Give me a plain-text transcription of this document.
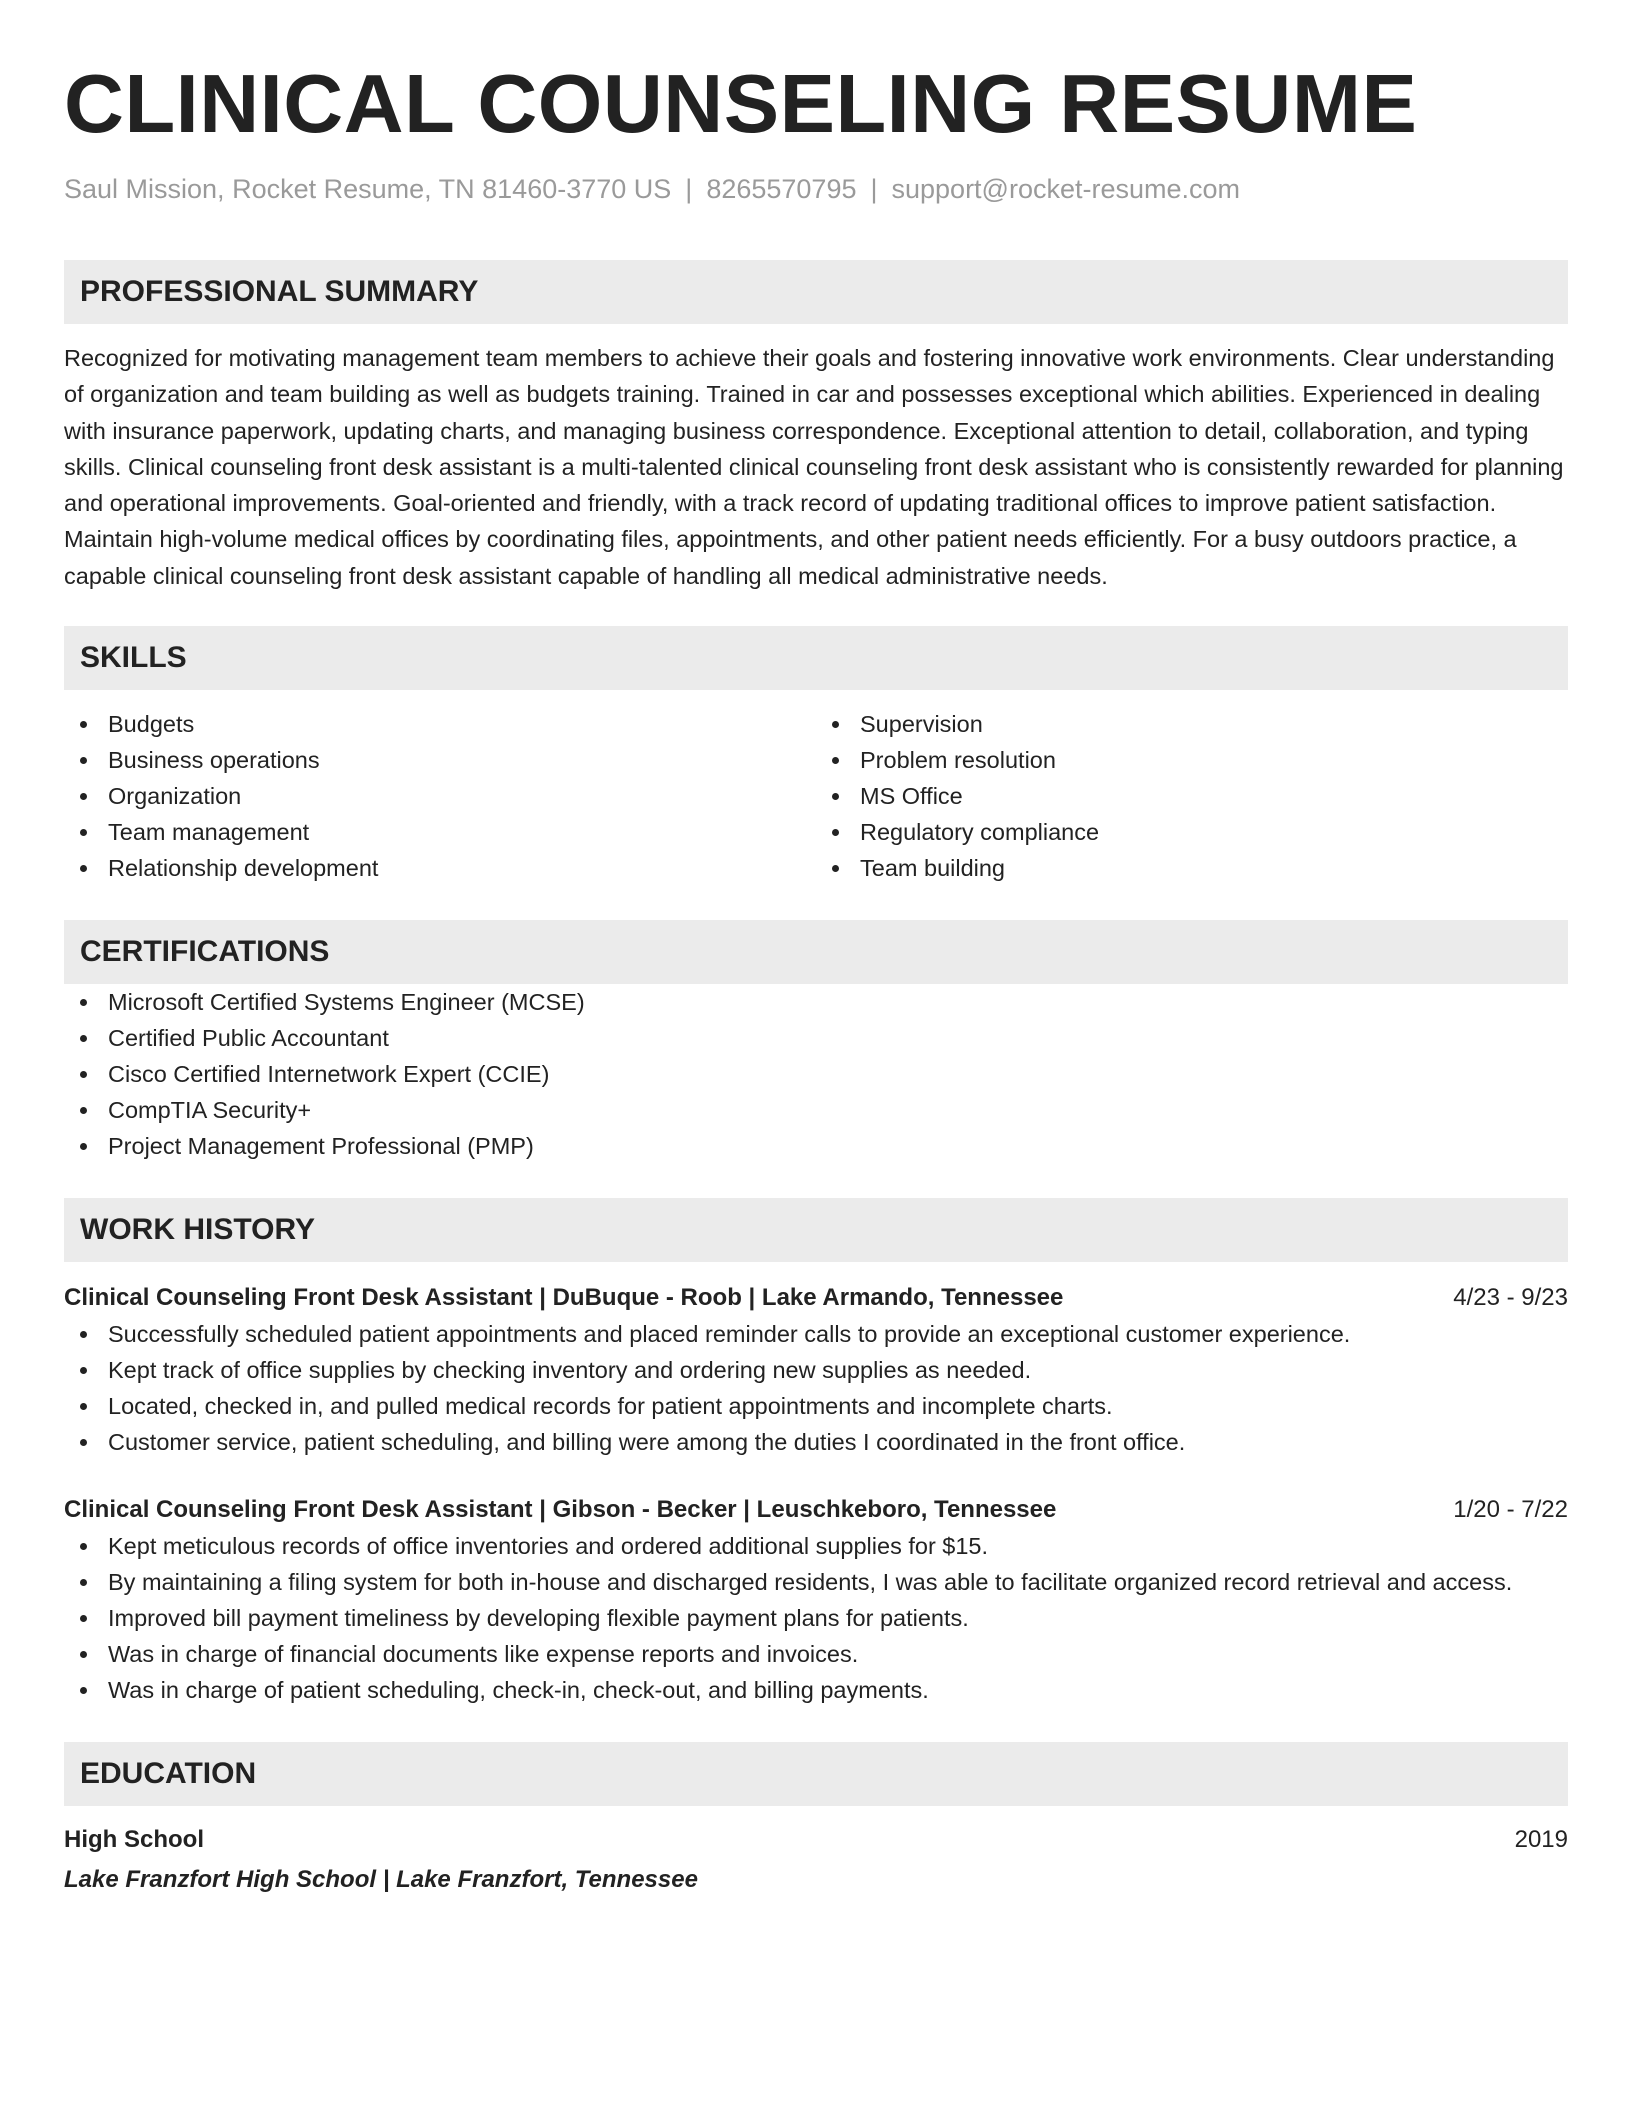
CLINICAL COUNSELING RESUME
Saul Mission, Rocket Resume, TN 81460-3770 US | 8265570795 | support@rocket-resume.com
PROFESSIONAL SUMMARY

Recognized for motivating management team members to achieve their goals and fostering innovative work environments. Clear understanding of organization and team building as well as budgets training. Trained in car and possesses exceptional which abilities. Experienced in dealing with insurance paperwork, updating charts, and managing business correspondence. Exceptional attention to detail, collaboration, and typing skills. Clinical counseling front desk assistant is a multi-talented clinical counseling front desk assistant who is consistently rewarded for planning and operational improvements. Goal-oriented and friendly, with a track record of updating traditional offices to improve patient satisfaction. Maintain high-volume medical offices by coordinating files, appointments, and other patient needs efficiently. For a busy outdoors practice, a capable clinical counseling front desk assistant capable of handling all medical administrative needs.

SKILLS
Budgets
Business operations
Organization
Team management
Relationship development
Supervision
Problem resolution
MS Office
Regulatory compliance
Team building
CERTIFICATIONS
Microsoft Certified Systems Engineer (MCSE)
Certified Public Accountant
Cisco Certified Internetwork Expert (CCIE)
CompTIA Security+
Project Management Professional (PMP)
WORK HISTORY
Clinical Counseling Front Desk Assistant | DuBuque - Roob | Lake Armando, Tennessee	4/23 - 9/23
Successfully scheduled patient appointments and placed reminder calls to provide an exceptional customer experience.
Kept track of office supplies by checking inventory and ordering new supplies as needed.
Located, checked in, and pulled medical records for patient appointments and incomplete charts.
Customer service, patient scheduling, and billing were among the duties I coordinated in the front office.
Clinical Counseling Front Desk Assistant | Gibson - Becker | Leuschkeboro, Tennessee	1/20 - 7/22
Kept meticulous records of office inventories and ordered additional supplies for $15.
By maintaining a filing system for both in-house and discharged residents, I was able to facilitate organized record retrieval and access.
Improved bill payment timeliness by developing flexible payment plans for patients.
Was in charge of financial documents like expense reports and invoices.
Was in charge of patient scheduling, check-in, check-out, and billing payments.
EDUCATION
High School	2019
Lake Franzfort High School | Lake Franzfort, Tennessee
